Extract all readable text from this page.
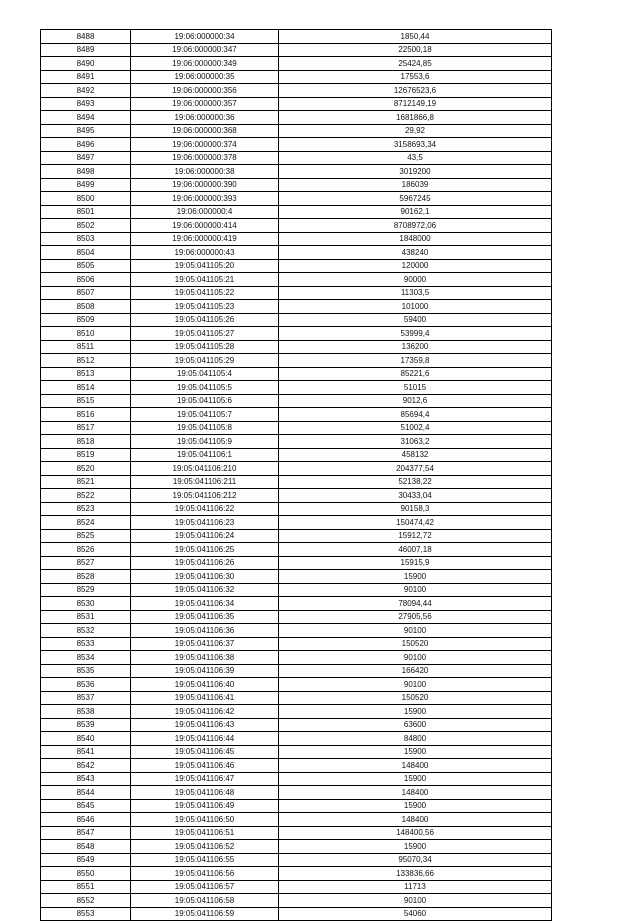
8488	19:06:000000:34	1850,44
8489	19:06:000000:347	22500,18
8490	19:06:000000:349	25424,85
8491	19:06:000000:35	17553,6
8492	19:06:000000:356	12676523,6
8493	19:06:000000:357	8712149,19
8494	19:06:000000:36	1681866,8
8495	19:06:000000:368	29,92
8496	19:06:000000:374	3158693,34
8497	19:06:000000:378	43,5
8498	19:06:000000:38	3019200
8499	19:06:000000:390	186039
8500	19:06:000000:393	5967245
8501	19:06:000000:4	90162,1
8502	19:06:000000:414	8708972,06
8503	19:06:000000:419	1848000
8504	19:06:000000:43	438240
8505	19:05:041105:20	120000
8506	19:05:041105:21	90000
8507	19:05:041105:22	11303,5
8508	19:05:041105:23	101000
8509	19:05:041105:26	59400
8510	19:05:041105:27	53999,4
8511	19:05:041105:28	136200
8512	19:05:041105:29	17359,8
8513	19:05:041105:4	85221,6
8514	19:05:041105:5	51015
8515	19:05:041105:6	9012,6
8516	19:05:041105:7	85694,4
8517	19:05:041105:8	51002,4
8518	19:05:041105:9	31063,2
8519	19:05:041106:1	458132
8520	19:05:041106:210	204377,54
8521	19:05:041106:211	52138,22
8522	19:05:041106:212	30433,04
8523	19:05:041106:22	90158,3
8524	19:05:041106:23	150474,42
8525	19:05:041106:24	15912,72
8526	19:05:041106:25	46007,18
8527	19:05:041106:26	15915,9
8528	19:05:041106:30	15900
8529	19:05:041106:32	90100
8530	19:05:041106:34	78094,44
8531	19:05:041106:35	27905,56
8532	19:05:041106:36	90100
8533	19:05:041106:37	150520
8534	19:05:041106:38	90100
8535	19:05:041106:39	166420
8536	19:05:041106:40	90100
8537	19:05:041106:41	150520
8538	19:05:041106:42	15900
8539	19:05:041106:43	63600
8540	19:05:041106:44	84800
8541	19:05:041106:45	15900
8542	19:05:041106:46	148400
8543	19:05:041106:47	15900
8544	19:05:041106:48	148400
8545	19:05:041106:49	15900
8546	19:05:041106:50	148400
8547	19:05:041106:51	148400,56
8548	19:05:041106:52	15900
8549	19:05:041106:55	95070,34
8550	19:05:041106:56	133836,66
8551	19:05:041106:57	11713
8552	19:05:041106:58	90100
8553	19:05:041106:59	54060
